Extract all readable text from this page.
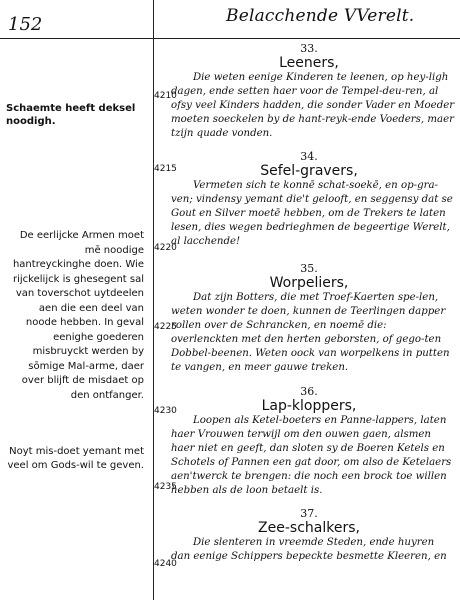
152	Belacchende VVerelt.
Schaemte heeft deksel noodigh.
De eerlijcke Armen moet mē noodige hantreyckinghe doen. Wie rijckelijck is ghesegent sal van toverschot uytdeelen aen die een deel van noode hebben. In geval eenighe goederen misbruyckt werden by sōmige Mal-arme, daer over blijft de misdaet op den ontfanger.
Noyt mis-doet yemant met veel om Gods-wil te geven.
4210
4215
4220
4225
4230
4235
4240
33.
Leeners,

Die weten eenige Kinderen te leenen, op hey-ligh dagen, ende setten haer voor de Tempel-deu-ren, al ofsy veel Kinders hadden, die sonder Vader en Moeder moeten soeckelen by de hant-reyk-ende Voeders, maer tzijn quade vonden.

34.
Sefel-gravers,

Vermeten sich te konnē schat-soekē, en op-gra-ven; vindensy yemant die't gelooft, en seggensy dat se Gout en Silver moetē hebben, om de Trekers te laten lesen, dies wegen bedrieghmen de begeertige Werelt, al lacchende!

35.
Worpeliers,

Dat zijn Botters, die met Troef-Kaerten spe-len, weten wonder te doen, kunnen de Teerlingen dapper rollen over de Schrancken, en noemē die: overlenckten met den herten geborsten, of gego-ten Dobbel-beenen. Weten oock van worpelkens in putten te vangen, en meer gauwe treken.

36.
Lap-kloppers,

Loopen als Ketel-boeters en Panne-lappers, laten haer Vrouwen terwijl om den ouwen gaen, alsmen haer niet en geeft, dan sloten sy de Boeren Ketels en Schotels of Pannen een gat door, om also de Ketelaers aen'twerck te brengen: die noch een brock toe willen hebben als de loon betaelt is.

37.
Zee-schalkers,

Die slenteren in vreemde Steden, ende huyren dan eenige Schippers bepeckte besmette Kleeren, en
